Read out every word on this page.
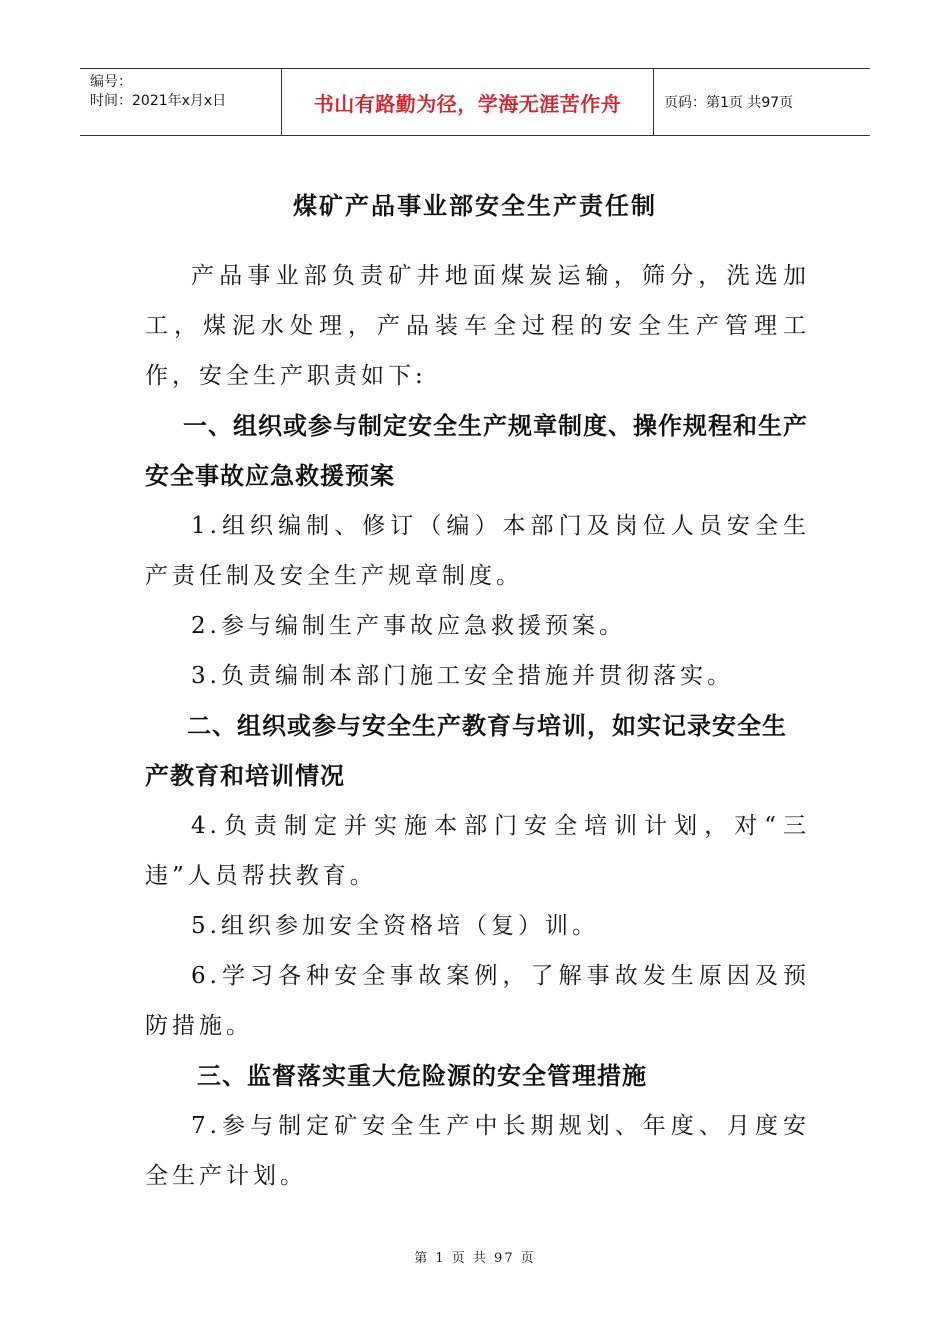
编号：
时间：2021年x月x日	书山有路勤为径，学海无涯苦作舟	页码：第1页 共97页
煤矿产品事业部安全生产责任制

产品事业部负责矿井地面煤炭运输，筛分，洗选加工，煤泥水处理，产品装车全过程的安全生产管理工作，安全生产职责如下:

一、组织或参与制定安全生产规章制度、操作规程和生产安全事故应急救援预案

1.组织编制、修订（编）本部门及岗位人员安全生产责任制及安全生产规章制度。

2.参与编制生产事故应急救援预案。

3.负责编制本部门施工安全措施并贯彻落实。

二、组织或参与安全生产教育与培训，如实记录安全生产教育和培训情况

4.负责制定并实施本部门安全培训计划，对“三违”人员帮扶教育。

5.组织参加安全资格培（复）训。

6.学习各种安全事故案例，了解事故发生原因及预防措施。

三、监督落实重大危险源的安全管理措施

7.参与制定矿安全生产中长期规划、年度、月度安全生产计划。

第 1 页 共 97 页
